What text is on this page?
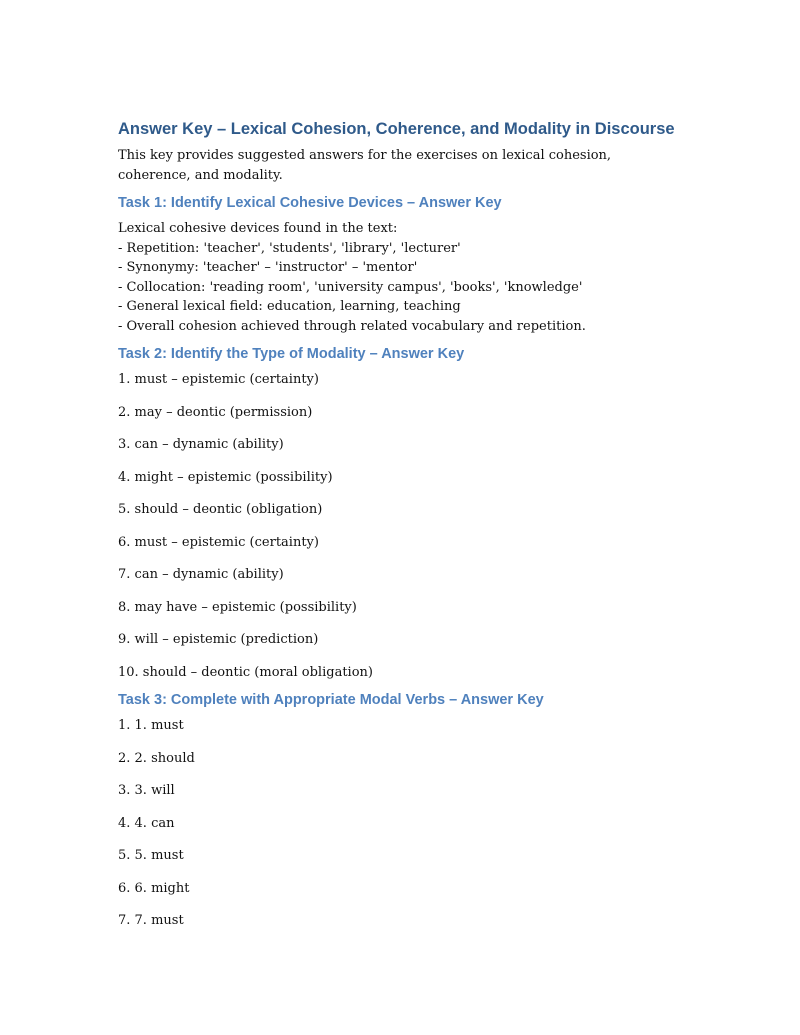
Answer Key – Lexical Cohesion, Coherence, and Modality in Discourse

This key provides suggested answers for the exercises on lexical cohesion, coherence, and modality.

Task 1: Identify Lexical Cohesive Devices – Answer Key
Lexical cohesive devices found in the text:
- Repetition: 'teacher', 'students', 'library', 'lecturer'
- Synonymy: 'teacher' – 'instructor' – 'mentor'
- Collocation: 'reading room', 'university campus', 'books', 'knowledge'
- General lexical field: education, learning, teaching
- Overall cohesion achieved through related vocabulary and repetition.
Task 2: Identify the Type of Modality – Answer Key
1. must – epistemic (certainty)
2. may – deontic (permission)
3. can – dynamic (ability)
4. might – epistemic (possibility)
5. should – deontic (obligation)
6. must – epistemic (certainty)
7. can – dynamic (ability)
8. may have – epistemic (possibility)
9. will – epistemic (prediction)
10. should – deontic (moral obligation)
Task 3: Complete with Appropriate Modal Verbs – Answer Key
1. 1. must
2. 2. should
3. 3. will
4. 4. can
5. 5. must
6. 6. might
7. 7. must
